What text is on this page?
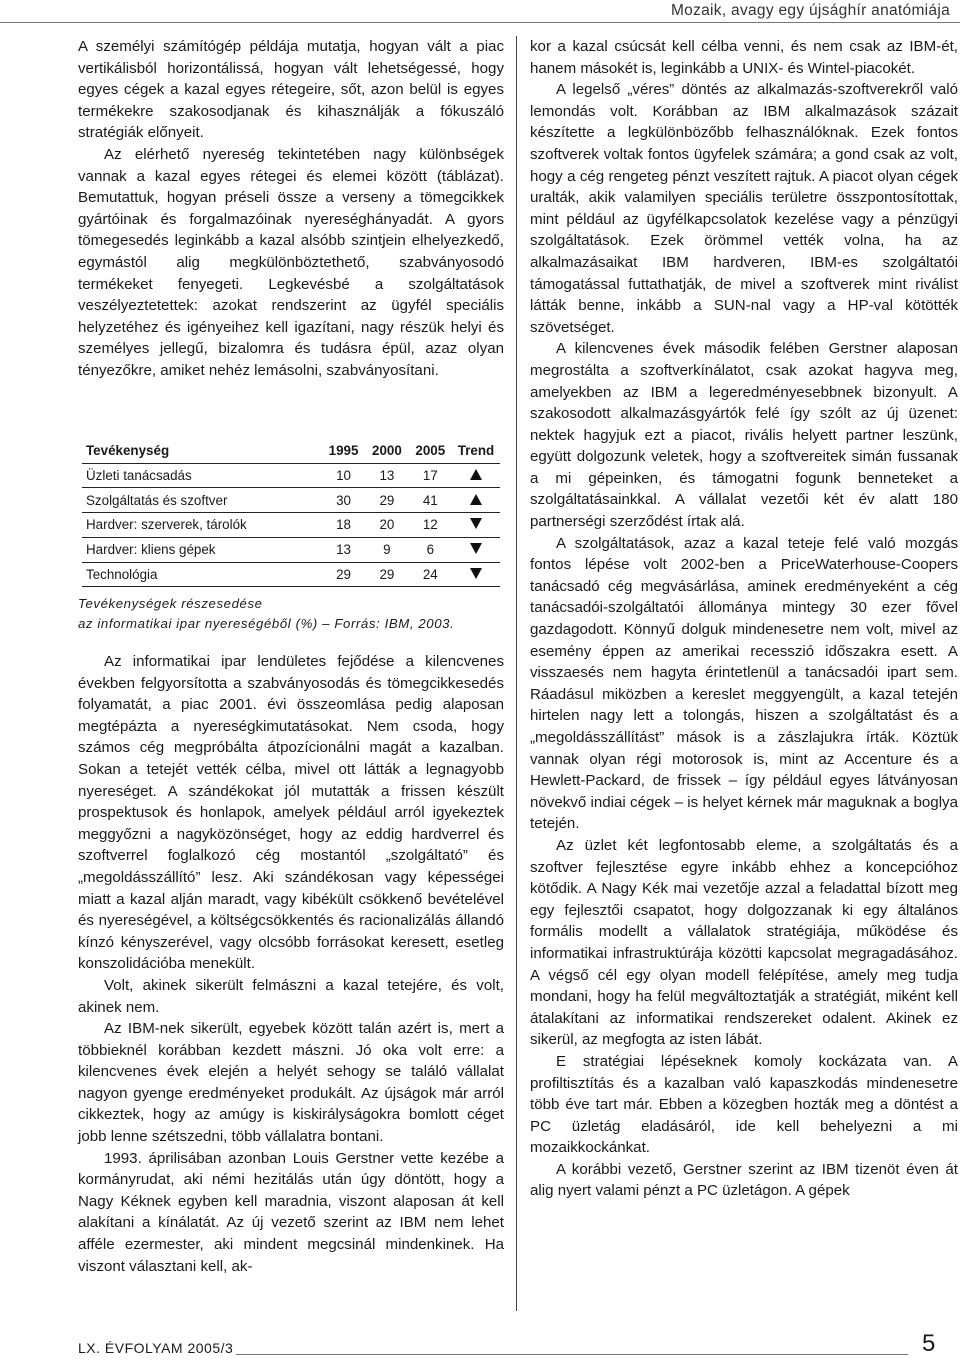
Mozaik, avagy egy újsághír anatómiája

A személyi számítógép példája mutatja, hogyan vált a piac vertikálisból horizontálissá, hogyan vált lehetségessé, hogy egyes cégek a kazal egyes rétegeire, sőt, azon belül is egyes termékekre szakosodjanak és kihasználják a fókuszáló stratégiák előnyeit.

Az elérhető nyereség tekintetében nagy különbségek vannak a kazal egyes rétegei és elemei között (táblázat). Bemutattuk, hogyan préseli össze a verseny a tömegcikkek gyártóinak és forgalmazóinak nyereséghányadát. A gyors tömegesedés leginkább a kazal alsóbb szintjein elhelyezkedő, egymástól alig megkülönböztethető, szabványosodó termékeket fenyegeti. Legkevésbé a szolgáltatások veszélyeztetettek: azokat rendszerint az ügyfél speciális helyzetéhez és igényeihez kell igazítani, nagy részük helyi és személyes jellegű, bizalomra és tudásra épül, azaz olyan tényezőkre, amiket nehéz lemásolni, szabványosítani.

Tevékenység	1995	2000	2005	Trend
Üzleti tanácsadás	10	13	17	
Szolgáltatás és szoftver	30	29	41	
Hardver: szerverek, tárolók	18	20	12	
Hardver: kliens gépek	13	9	6	
Technológia	29	29	24	
Tevékenységek részesedése
az informatikai ipar nyereségéből (%) – Forrás: IBM, 2003.

Az informatikai ipar lendületes fejődése a kilencvenes években felgyorsította a szabványosodás és tömegcikkesedés folyamatát, a piac 2001. évi összeomlása pedig alaposan megtépázta a nyereségkimutatásokat. Nem csoda, hogy számos cég megpróbálta átpozícionálni magát a kazalban. Sokan a tetejét vették célba, mivel ott látták a legnagyobb nyereséget. A szándékokat jól mutatták a frissen készült prospektusok és honlapok, amelyek például arról igyekeztek meggyőzni a nagyközönséget, hogy az eddig hardverrel és szoftverrel foglalkozó cég mostantól „szolgáltató” és „megoldásszállító” lesz. Aki szándékosan vagy képességei miatt a kazal alján maradt, vagy kibékült csökkenő bevételével és nyereségével, a költségcsökkentés és racionalizálás állandó kínzó kényszerével, vagy olcsóbb forrásokat keresett, esetleg konszolidációba menekült.

Volt, akinek sikerült felmászni a kazal tetejére, és volt, akinek nem.

Az IBM-nek sikerült, egyebek között talán azért is, mert a többieknél korábban kezdett mászni. Jó oka volt erre: a kilencvenes évek elején a helyét sehogy se találó vállalat nagyon gyenge eredményeket produkált. Az újságok már arról cikkeztek, hogy az amúgy is kiskirályságokra bomlott céget jobb lenne szétszedni, több vállalatra bontani.

1993. áprilisában azonban Louis Gerstner vette kezébe a kormányrudat, aki némi hezitálás után úgy döntött, hogy a Nagy Kéknek egyben kell maradnia, viszont alaposan át kell alakítani a kínálatát. Az új vezető szerint az IBM nem lehet afféle ezermester, aki mindent megcsinál mindenkinek. Ha viszont választani kell, ak-

kor a kazal csúcsát kell célba venni, és nem csak az IBM-ét, hanem másokét is, leginkább a UNIX- és Wintel-piacokét.

A legelső „véres” döntés az alkalmazás-szoftverekről való lemondás volt. Korábban az IBM alkalmazások százait készítette a legkülönbözőbb felhasználóknak. Ezek fontos szoftverek voltak fontos ügyfelek számára; a gond csak az volt, hogy a cég rengeteg pénzt veszített rajtuk. A piacot olyan cégek uralták, akik valamilyen speciális területre összpontosítottak, mint például az ügyfélkapcsolatok kezelése vagy a pénzügyi szolgáltatások. Ezek örömmel vették volna, ha az alkalmazásaikat IBM hardveren, IBM-es szolgáltatói támogatással futtathatják, de mivel a szoftverek mint riválist látták benne, inkább a SUN-nal vagy a HP-val kötötték szövetséget.

A kilencvenes évek második felében Gerstner alaposan megrostálta a szoftverkínálatot, csak azokat hagyva meg, amelyekben az IBM a legeredményesebbnek bizonyult. A szakosodott alkalmazásgyártók felé így szólt az új üzenet: nektek hagyjuk ezt a piacot, rivális helyett partner leszünk, együtt dolgozunk veletek, hogy a szoftvereitek simán fussanak a mi gépeinken, és támogatni fogunk benneteket a szolgáltatásainkkal. A vállalat vezetői két év alatt 180 partnerségi szerződést írtak alá.

A szolgáltatások, azaz a kazal teteje felé való mozgás fontos lépése volt 2002-ben a PriceWaterhouse-Coopers tanácsadó cég megvásárlása, aminek eredményeként a cég tanácsadói-szolgáltatói állománya mintegy 30 ezer fővel gazdagodott. Könnyű dolguk mindenesetre nem volt, mivel az esemény éppen az amerikai recesszió időszakra esett. A visszaesés nem hagyta érintetlenül a tanácsadói ipart sem. Ráadásul miközben a kereslet meggyengült, a kazal tetején hirtelen nagy lett a tolongás, hiszen a szolgáltatást és a „megoldásszállítást” mások is a zászlajukra írták. Köztük vannak olyan régi motorosok is, mint az Accenture és a Hewlett-Packard, de frissek – így például egyes látványosan növekvő indiai cégek – is helyet kérnek már maguknak a boglya tetején.

Az üzlet két legfontosabb eleme, a szolgáltatás és a szoftver fejlesztése egyre inkább ehhez a koncepcióhoz kötődik. A Nagy Kék mai vezetője azzal a feladattal bízott meg egy fejlesztői csapatot, hogy dolgozzanak ki egy általános formális modellt a vállalatok stratégiája, működése és informatikai infrastruktúrája közötti kapcsolat megragadásához. A végső cél egy olyan modell felépítése, amely meg tudja mondani, hogy ha felül megváltoztatják a stratégiát, miként kell átalakítani az informatikai rendszereket odalent. Akinek ez sikerül, az megfogta az isten lábát.

E stratégiai lépéseknek komoly kockázata van. A profiltisztítás és a kazalban való kapaszkodás mindenesetre több éve tart már. Ebben a közegben hozták meg a döntést a PC üzletág eladásáról, ide kell behelyezni a mi mozaikkockánkat.

A korábbi vezető, Gerstner szerint az IBM tizenöt éven át alig nyert valami pénzt a PC üzletágon. A gépek

LX. ÉVFOLYAM 2005/3	5
